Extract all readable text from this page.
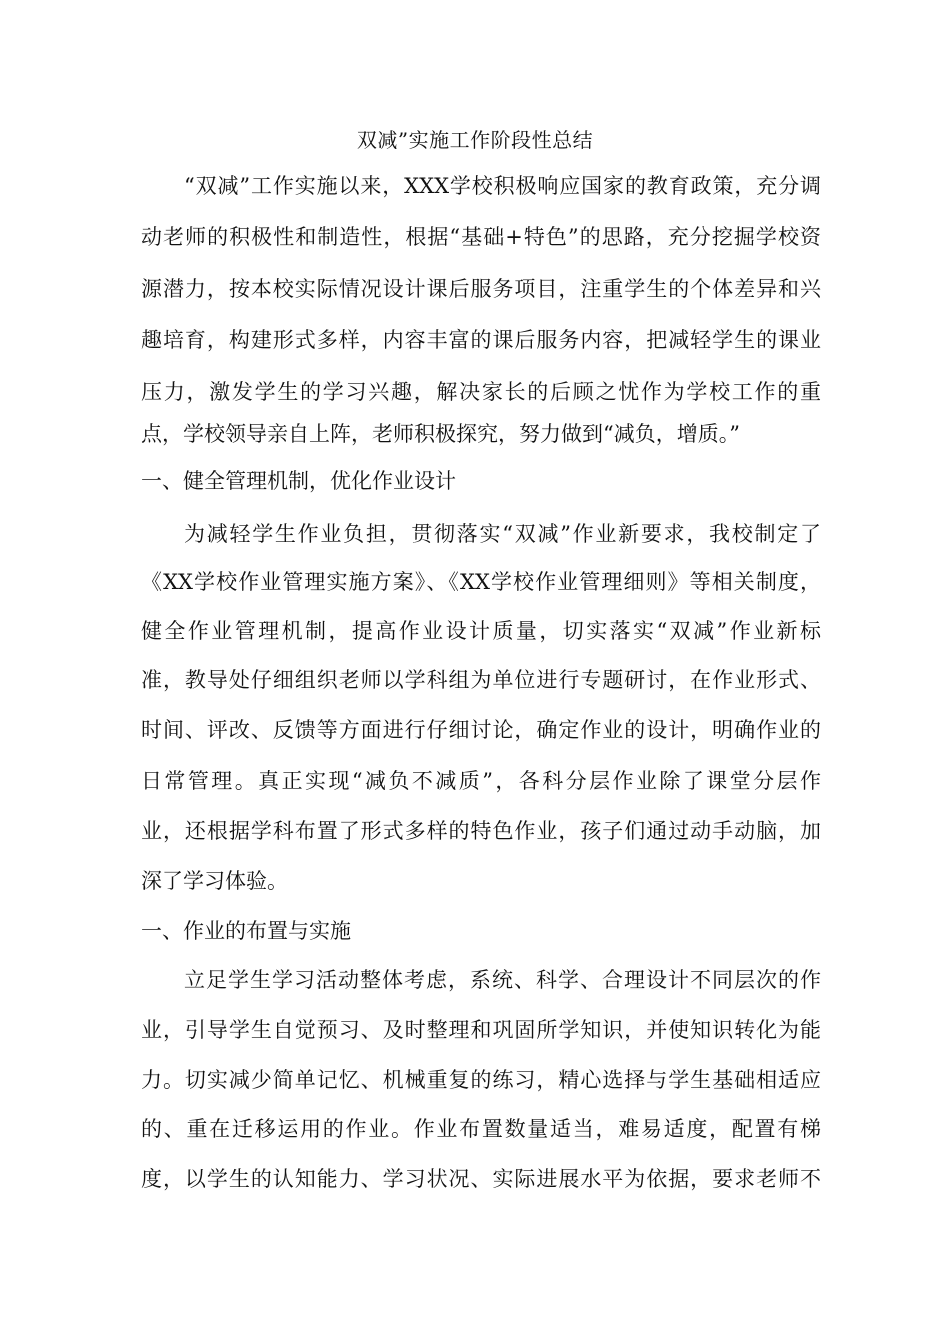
双减”实施工作阶段性总结
“双减”工作实施以来，XXX学校积极响应国家的教育政策，充分调
动老师的积极性和制造性，根据“基础+特色”的思路，充分挖掘学校资
源潜力，按本校实际情况设计课后服务项目，注重学生的个体差异和兴
趣培育，构建形式多样，内容丰富的课后服务内容，把减轻学生的课业
压力，激发学生的学习兴趣，解决家长的后顾之忧作为学校工作的重
点，学校领导亲自上阵，老师积极探究，努力做到“减负，增质。”
一、健全管理机制，优化作业设计
为减轻学生作业负担，贯彻落实“双减”作业新要求，我校制定了
《XX学校作业管理实施方案》、《XX学校作业管理细则》等相关制度，
健全作业管理机制，提高作业设计质量，切实落实“双减”作业新标
准，教导处仔细组织老师以学科组为单位进行专题研讨，在作业形式、
时间、评改、反馈等方面进行仔细讨论，确定作业的设计，明确作业的
日常管理。真正实现“减负不减质”，各科分层作业除了课堂分层作
业，还根据学科布置了形式多样的特色作业，孩子们通过动手动脑，加
深了学习体验。
一、作业的布置与实施
立足学生学习活动整体考虑，系统、科学、合理设计不同层次的作
业，引导学生自觉预习、及时整理和巩固所学知识，并使知识转化为能
力。切实减少简单记忆、机械重复的练习，精心选择与学生基础相适应
的、重在迁移运用的作业。作业布置数量适当，难易适度，配置有梯
度，以学生的认知能力、学习状况、实际进展水平为依据，要求老师不
